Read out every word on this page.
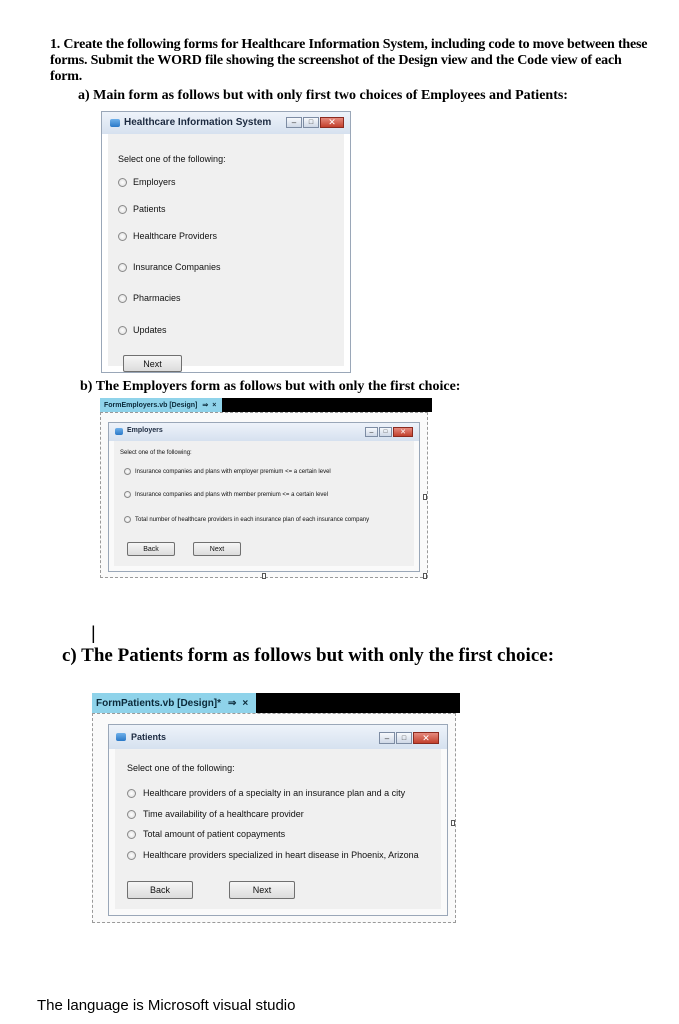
1. Create the following forms for Healthcare Information System, including code to move between these forms. Submit the WORD file showing the screenshot of the Design view and the Code view of each form.
a) Main form as follows but with only first two choices of Employees and Patients:
Healthcare Information System	–	□	✕
Select one of the following:
Employers
Patients
Healthcare Providers
Insurance Companies
Pharmacies
Updates
Next
b) The Employers form as follows but with only the first choice:
FormEmployers.vb [Design] ⇒ ×
Employers	–	□	✕
Select one of the following:
Insurance companies and plans with employer premium <= a certain level
Insurance companies and plans with member premium <= a certain level
Total number of healthcare providers in each insurance plan of each insurance company
Back	Next
|
c) The Patients form as follows but with only the first choice:
FormPatients.vb [Design]* ⇒ ×
Patients	–	□	✕
Select one of the following:
Healthcare providers of a specialty in an insurance plan and a city
Time availability of a healthcare provider
Total amount of patient copayments
Healthcare providers specialized in heart disease in Phoenix, Arizona
Back	Next
The language is Microsoft visual studio
